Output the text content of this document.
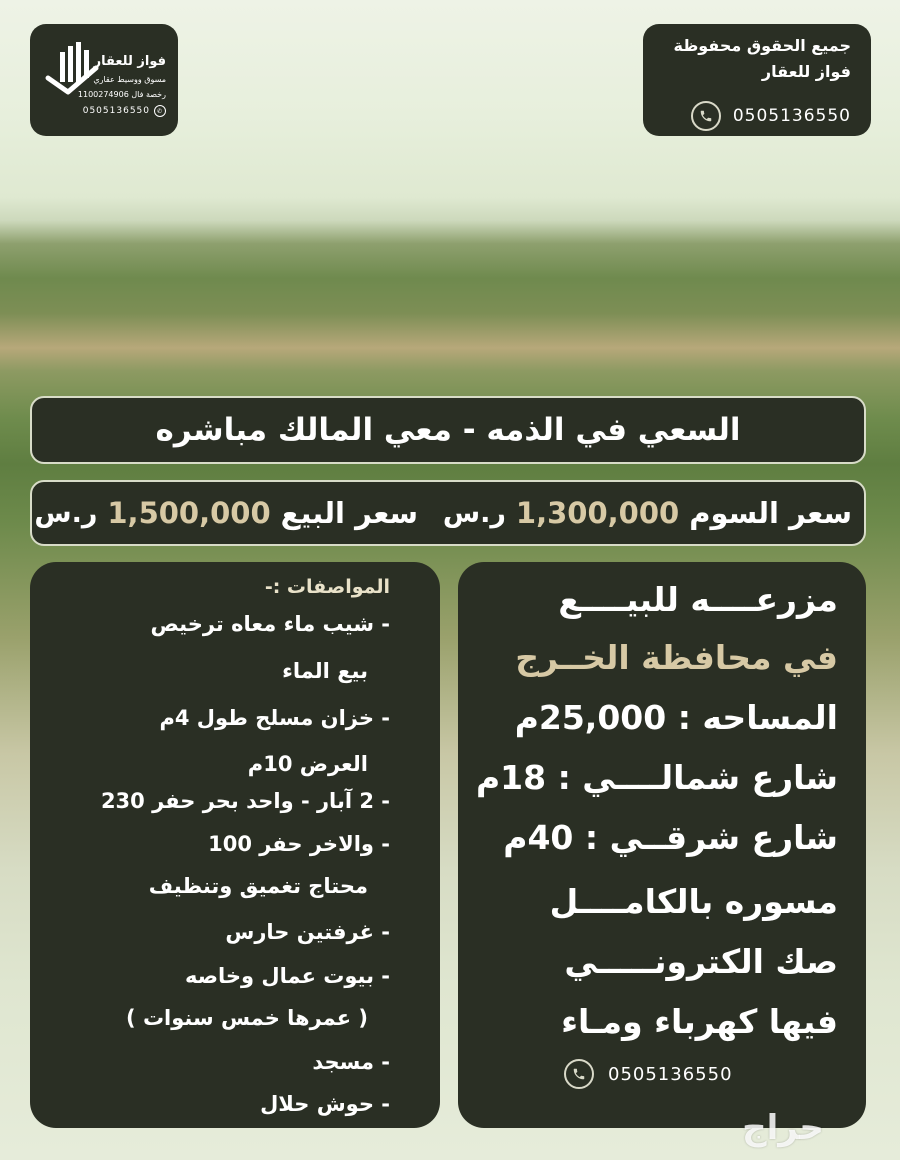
فواز للعقار
مسوق ووسيط عقاري
رخصة فال 1100274906
0505136550	✆
جميع الحقوق محفوظة
فواز للعقار
0505136550
السعي في الذمه - معي المالك مباشره
سعر السوم
1,300,000
ر.س
سعر البيع
1,500,000
ر.س
المواصفات :-
- شيب ماء معاه ترخيص
بيع الماء
- خزان مسلح طول 4م
العرض 10م
- 2 آبار - واحد بحر حفر 230
- والاخر حفر 100
محتاج تغميق وتنظيف
- غرفتين حارس
- بيوت عمال وخاصه
( عمرها خمس سنوات )
- مسجد
- حوش حلال
مزرعــــه للبيــــع
في محافظة الخــرج
المساحه : 25,000م
شارع شمالــــي : 18م
شارع شرقــي : 40م
مسوره بالكامــــل
صك الكترونـــــي
فيها كهرباء ومـاء
0505136550
حراج
